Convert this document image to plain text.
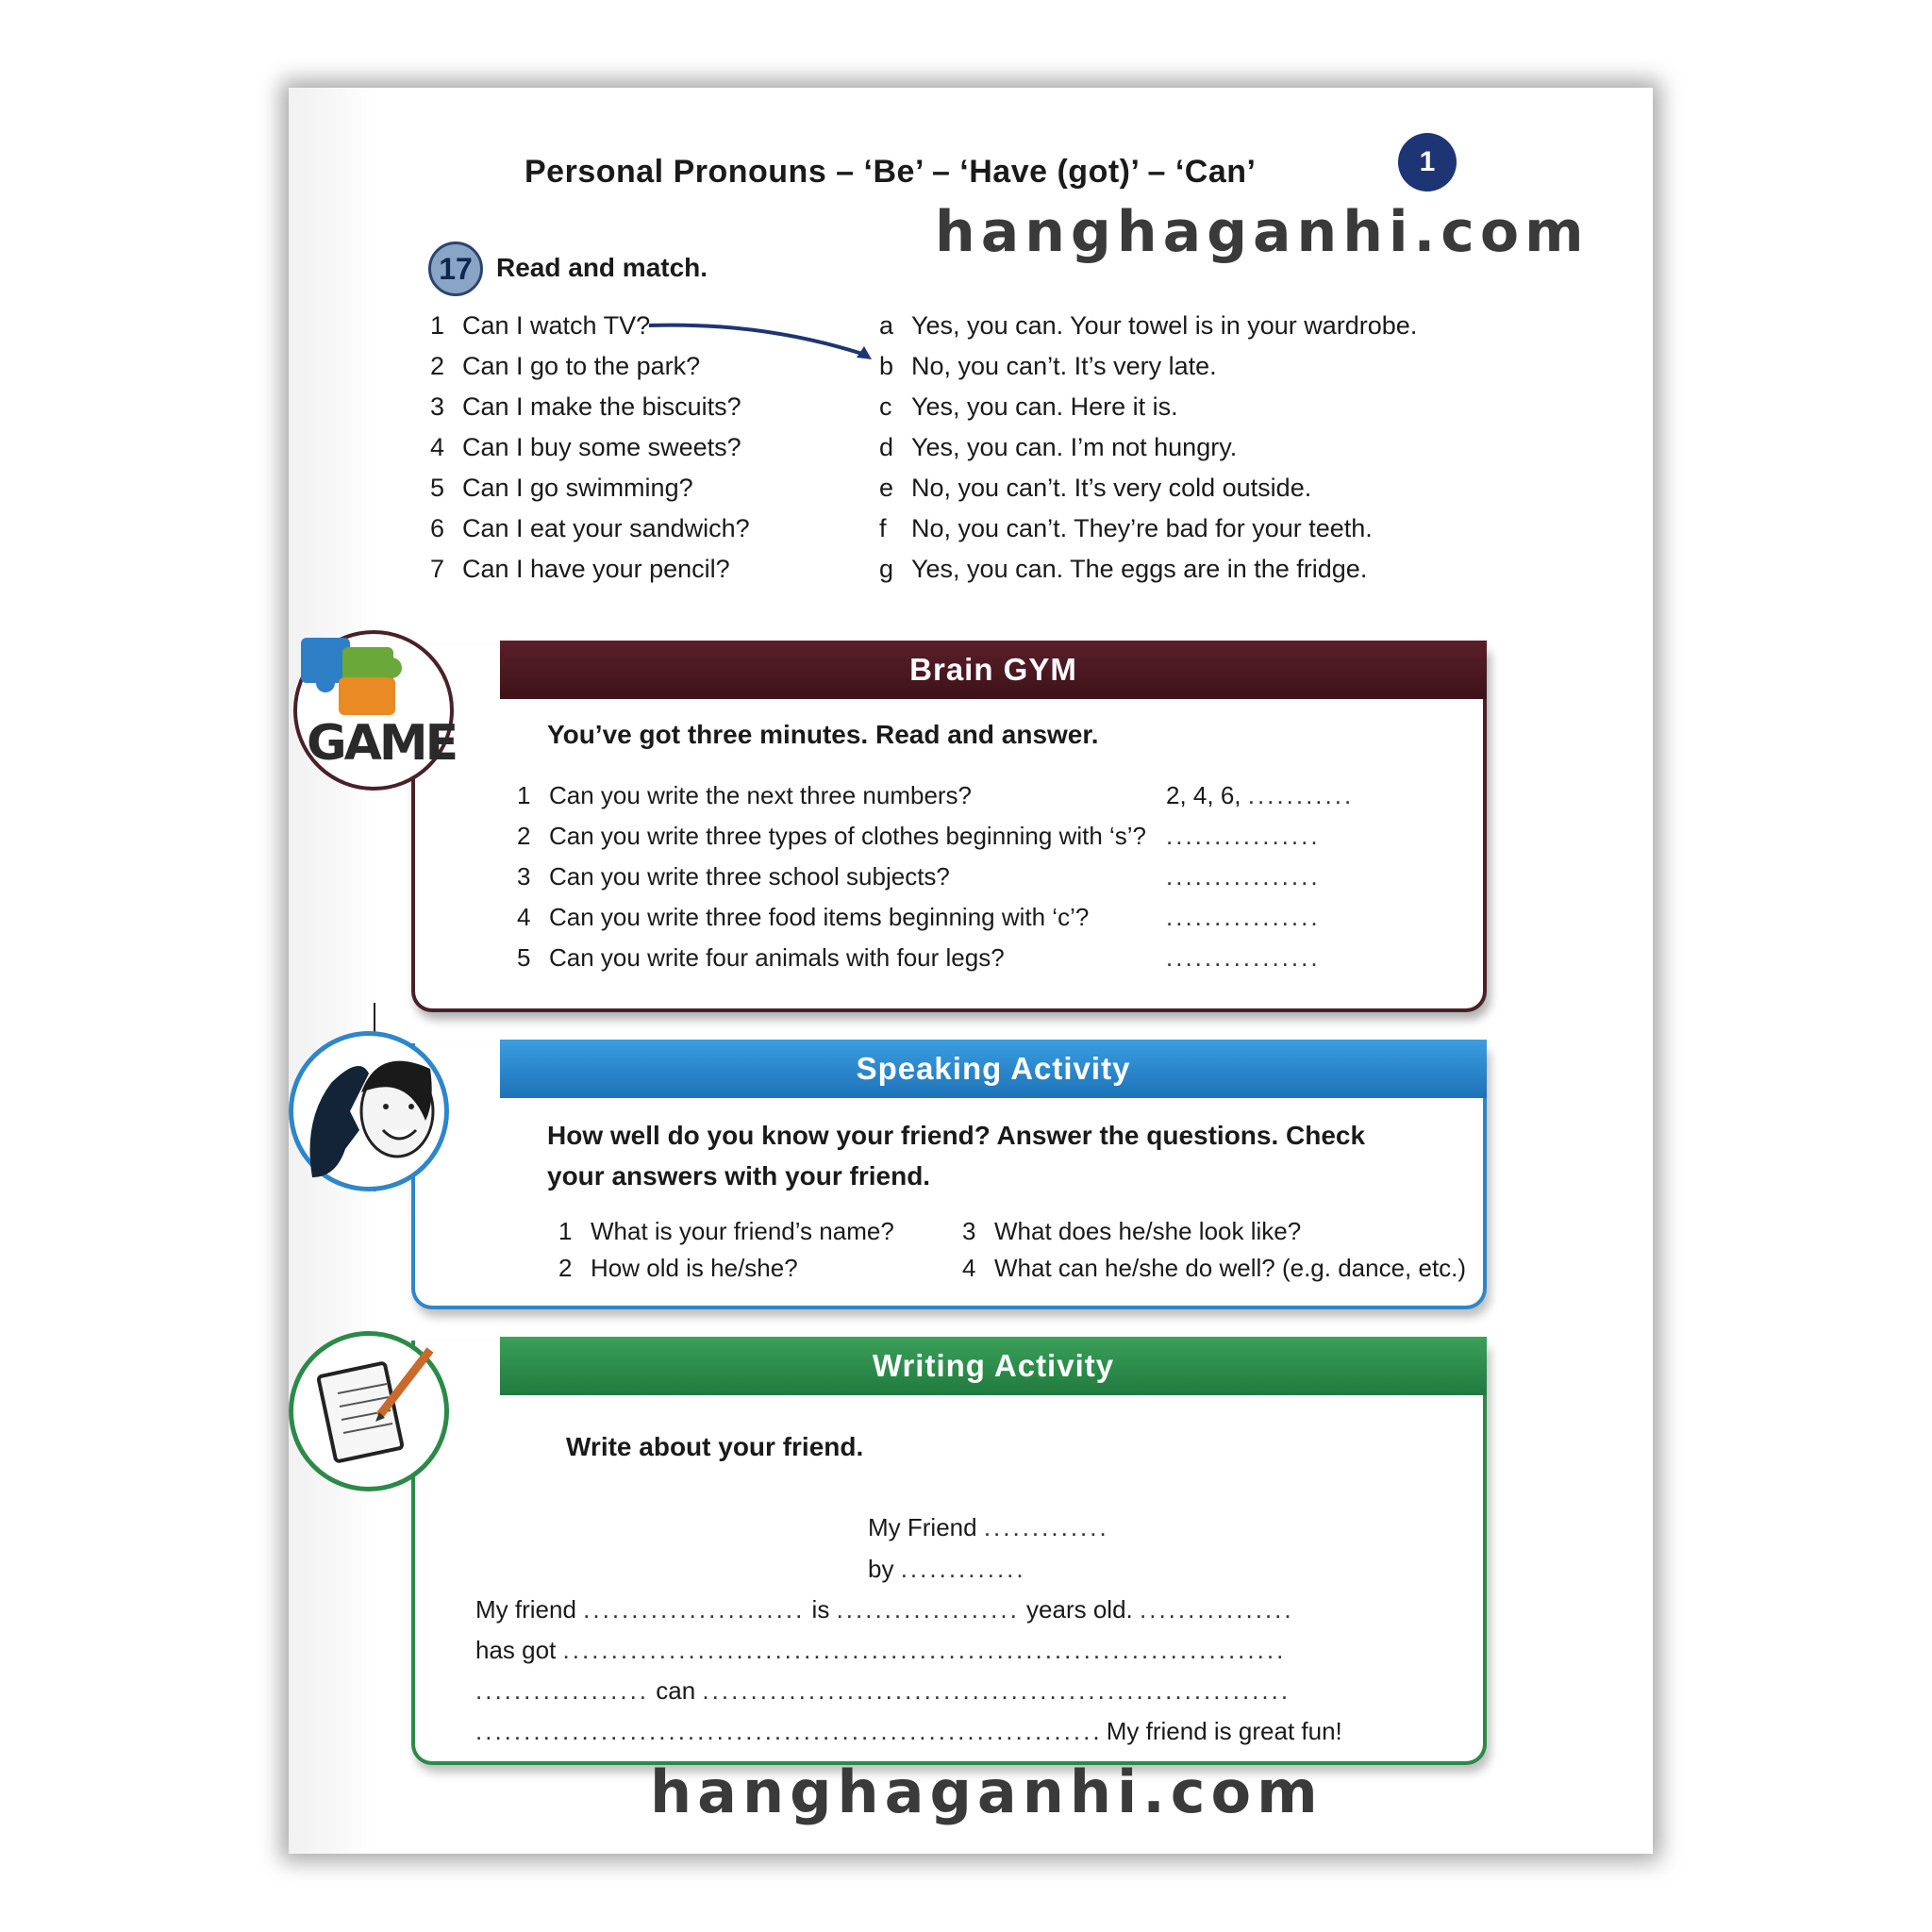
Personal Pronouns – ‘Be’ – ‘Have (got)’ – ‘Can’	1
17 Read and match.
1 Can I watch TV?
2 Can I go to the park?
3 Can I make the biscuits?
4 Can I buy some sweets?
5 Can I go swimming?
6 Can I eat your sandwich?
7 Can I have your pencil?
a Yes, you can. Your towel is in your wardrobe.
b No, you can’t. It’s very late.
c Yes, you can. Here it is.
d Yes, you can. I’m not hungry.
e No, you can’t. It’s very cold outside.
f No, you can’t. They’re bad for your teeth.
g Yes, you can. The eggs are in the fridge.
Brain GYM
You’ve got three minutes. Read and answer.
1 Can you write the next three numbers?
2 Can you write three types of clothes beginning with ‘s’?
3 Can you write three school subjects?
4 Can you write three food items beginning with ‘c’?
5 Can you write four animals with four legs?
2, 4, 6, ...........
................
................
................
................
GAME
Speaking Activity
How well do you know your friend? Answer the questions. Check
your answers with your friend.
1 What is your friend’s name?
2 How old is he/she?
3 What does he/she look like?
4 What can he/she do well? (e.g. dance, etc.)
Writing Activity
Write about your friend.
My Friend .............
by .............
My friend ....................... is ................... years old. ................
has got ...........................................................................
.................. can .............................................................
................................................................. My friend is great fun!
hanghaganhi.com
hanghaganhi.com
